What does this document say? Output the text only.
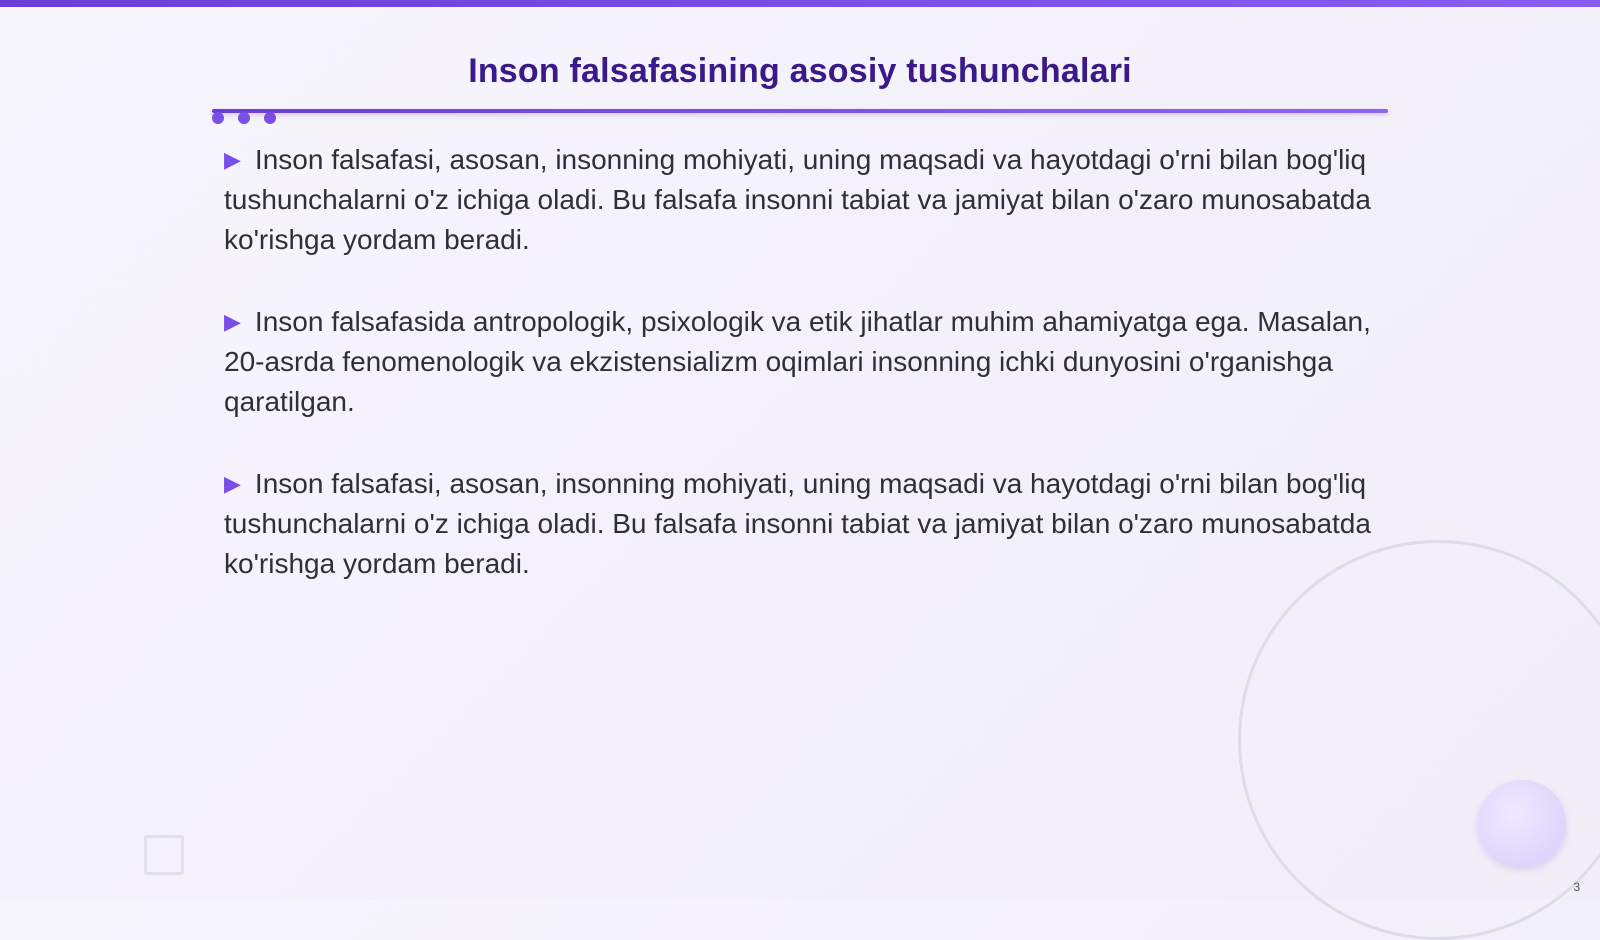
Inson falsafasining asosiy tushunchalari

▶ Inson falsafasi, asosan, insonning mohiyati, uning maqsadi va hayotdagi o'rni bilan bog'liq tushunchalarni o'z ichiga oladi. Bu falsafa insonni tabiat va jamiyat bilan o'zaro munosabatda ko'rishga yordam beradi.

▶ Inson falsafasida antropologik, psixologik va etik jihatlar muhim ahamiyatga ega. Masalan, 20-asrda fenomenologik va ekzistensializm oqimlari insonning ichki dunyosini o'rganishga qaratilgan.

▶ Inson falsafasi, asosan, insonning mohiyati, uning maqsadi va hayotdagi o'rni bilan bog'liq tushunchalarni o'z ichiga oladi. Bu falsafa insonni tabiat va jamiyat bilan o'zaro munosabatda ko'rishga yordam beradi.

3
